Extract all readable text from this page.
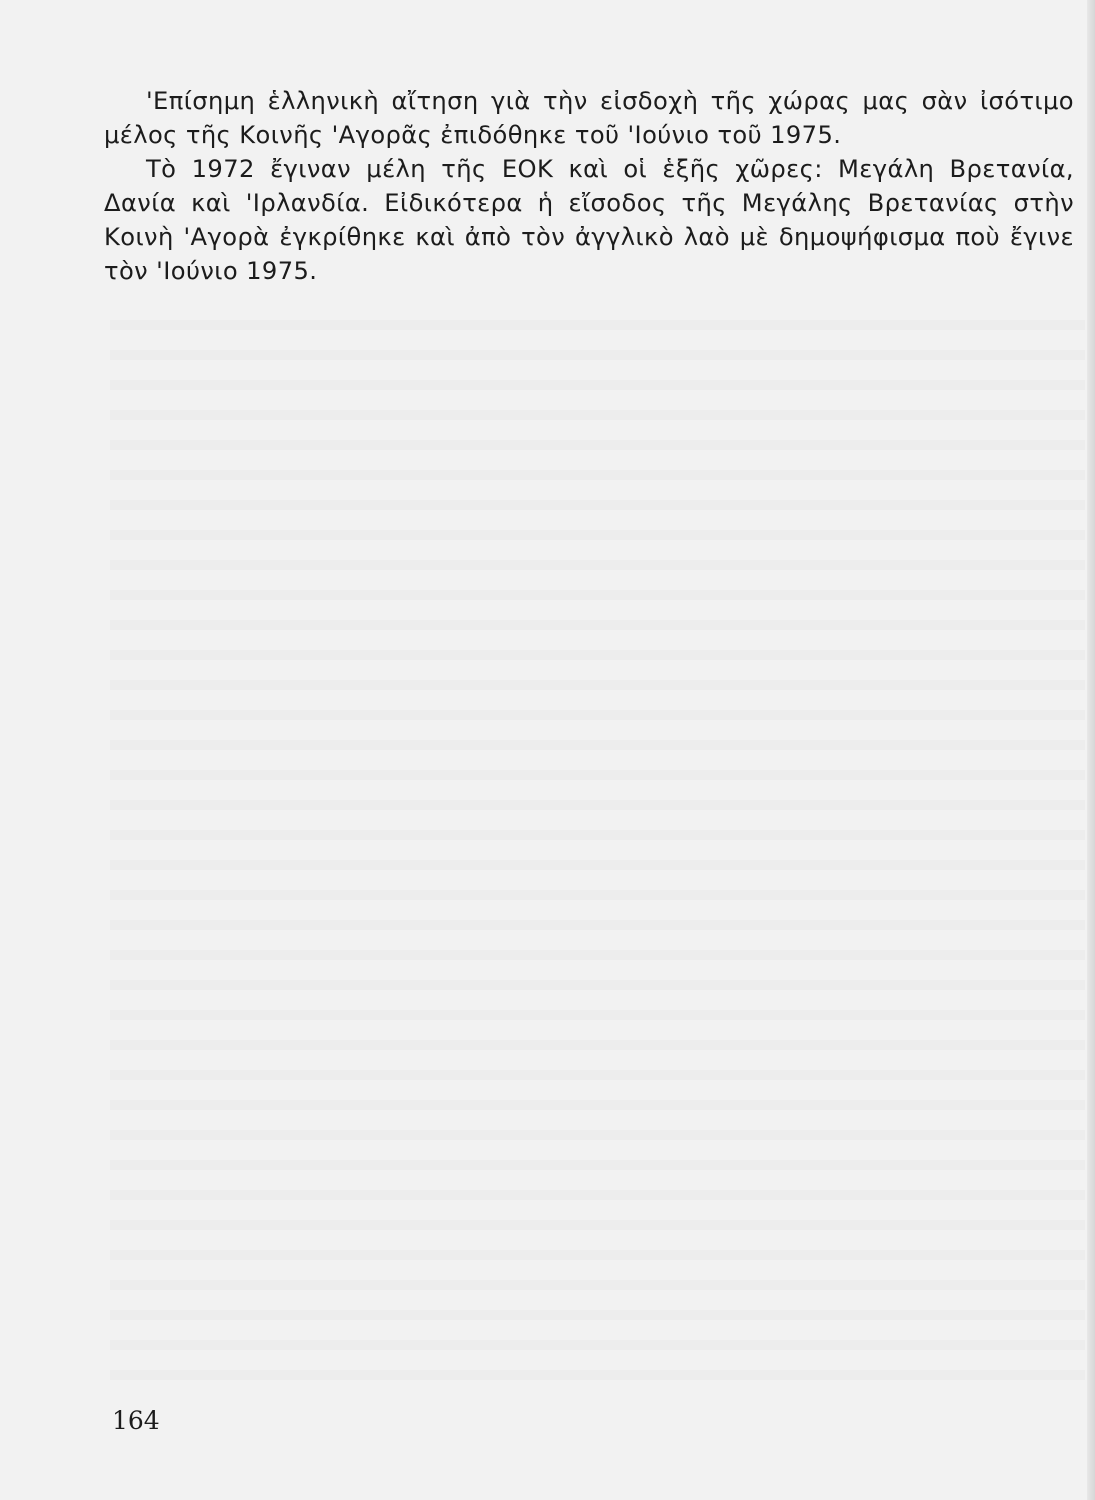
'Επίσημη ἑλληνικὴ αἴτηση γιὰ τὴν εἰσδοχὴ τῆς χώρας μας σὰν ἰσότιμο μέλος τῆς Κοινῆς 'Αγορᾶς ἐπιδόθηκε τοῦ 'Ιούνιο τοῦ 1975.

Τὸ 1972 ἔγιναν μέλη τῆς ΕΟΚ καὶ οἱ ἑξῆς χῶρες: Μεγάλη Βρετανία, Δανία καὶ 'Ιρλανδία. Εἰδικότερα ἡ εἴσοδος τῆς Μεγάλης Βρετανίας στὴν Κοινὴ 'Αγορὰ ἐγκρίθηκε καὶ ἀπὸ τὸν ἀγγλικὸ λαὸ μὲ δημοψήφισμα ποὺ ἔγινε τὸν 'Ιούνιο 1975.

164
